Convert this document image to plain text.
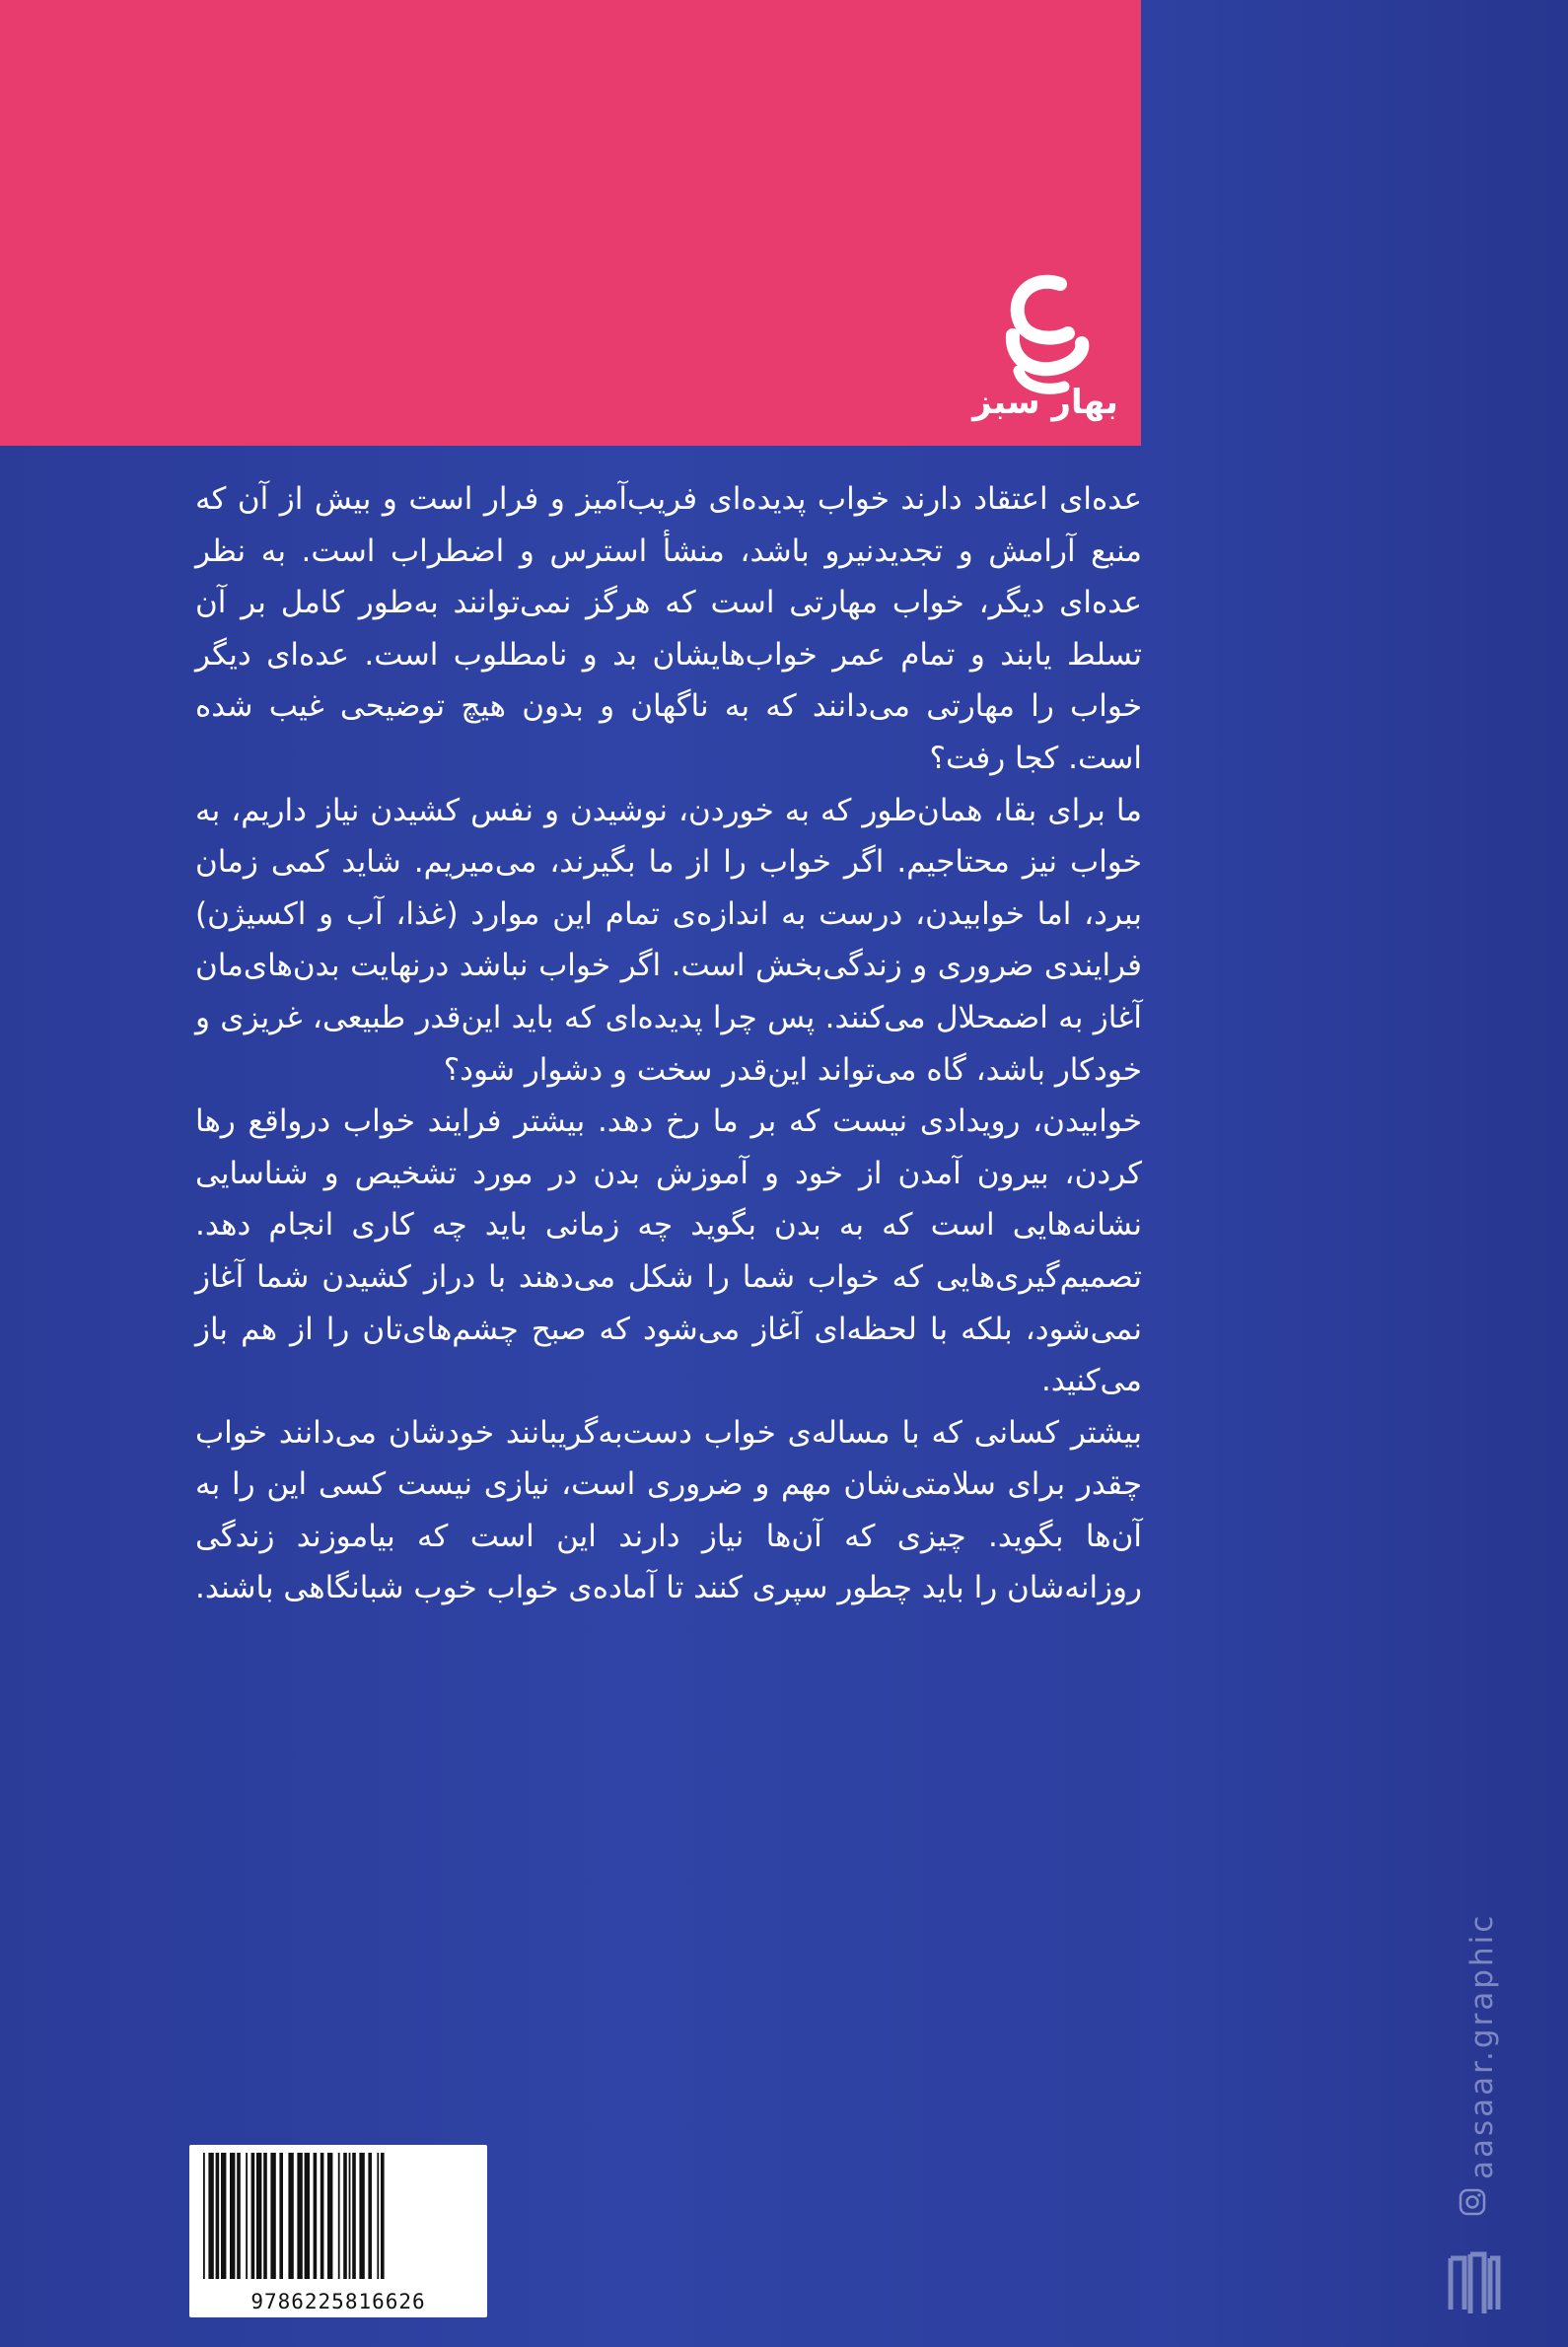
بهار سبز

عده‌ای اعتقاد دارند خواب پدیده‌ای فریب‌آمیز و فرار است و بیش از آن که منبع آرامش و تجدیدنیرو باشد، منشأ استرس و اضطراب است. به نظر عده‌ای دیگر، خواب مهارتی است که هرگز نمی‌توانند به‌طور کامل بر آن تسلط یابند و تمام عمر خواب‌هایشان بد و نامطلوب است. عده‌ای دیگر خواب را مهارتی می‌دانند که به ناگهان و بدون هیچ توضیحی غیب شده است. کجا رفت؟

ما برای بقا، همان‌طور که به خوردن، نوشیدن و نفس کشیدن نیاز داریم، به خواب نیز محتاجیم. اگر خواب را از ما بگیرند، می‌میریم. شاید کمی زمان ببرد، اما خوابیدن، درست به اندازه‌ی تمام این موارد (غذا، آب و اکسیژن) فرایندی ضروری و زندگی‌بخش است. اگر خواب نباشد درنهایت بدن‌های‌مان آغاز به اضمحلال می‌کنند. پس چرا پدیده‌ای که باید این‌قدر طبیعی، غریزی و خودکار باشد، گاه می‌تواند این‌قدر سخت و دشوار شود؟

خوابیدن، رویدادی نیست که بر ما رخ دهد. بیشتر فرایند خواب درواقع رها کردن، بیرون آمدن از خود و آموزش بدن در مورد تشخیص و شناسایی نشانه‌هایی است که به بدن بگوید چه زمانی باید چه کاری انجام دهد. تصمیم‌گیری‌هایی که خواب شما را شکل می‌دهند با دراز کشیدن شما آغاز نمی‌شود، بلکه با لحظه‌ای آغاز می‌شود که صبح چشم‌های‌تان را از هم باز می‌کنید.

بیشتر کسانی که با مساله‌ی خواب دست‌به‌گریبانند خودشان می‌دانند خواب چقدر برای سلامتی‌شان مهم و ضروری است، نیازی نیست کسی این را به آن‌ها بگوید. چیزی که آن‌ها نیاز دارند این است که بیاموزند زندگی روزانه‌شان را باید چطور سپری کنند تا آماده‌ی خواب خوب شبانگاهی باشند.

9786225816626
aasaar.graphic
